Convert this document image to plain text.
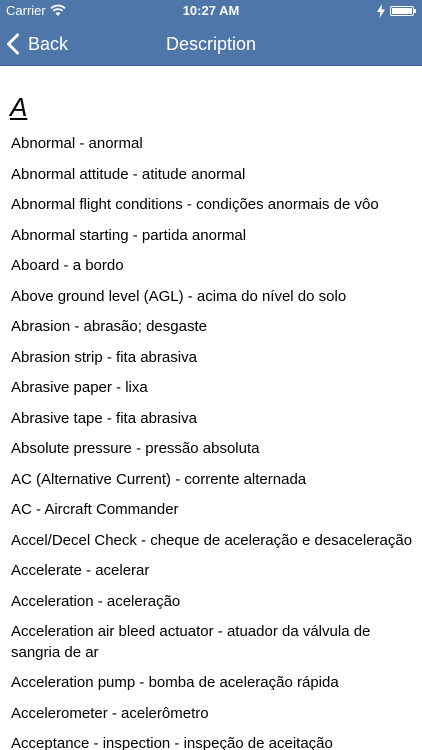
Carrier	10:27 AM
Back	Description
A
Abnormal - anormal
Abnormal attitude - atitude anormal
Abnormal flight conditions - condições anormais de vôo
Abnormal starting - partida anormal
Aboard - a bordo
Above ground level (AGL) - acima do nível do solo
Abrasion - abrasão; desgaste
Abrasion strip - fita abrasiva
Abrasive paper - lixa
Abrasive tape - fita abrasiva
Absolute pressure - pressão absoluta
AC (Alternative Current) - corrente alternada
AC - Aircraft Commander
Accel/Decel Check - cheque de aceleração e desaceleração
Accelerate - acelerar
Acceleration - aceleração
Acceleration air bleed actuator - atuador da válvula de sangria de ar
Acceleration pump - bomba de aceleração rápida
Accelerometer - acelerômetro
Acceptance - inspection - inspeção de aceitação
